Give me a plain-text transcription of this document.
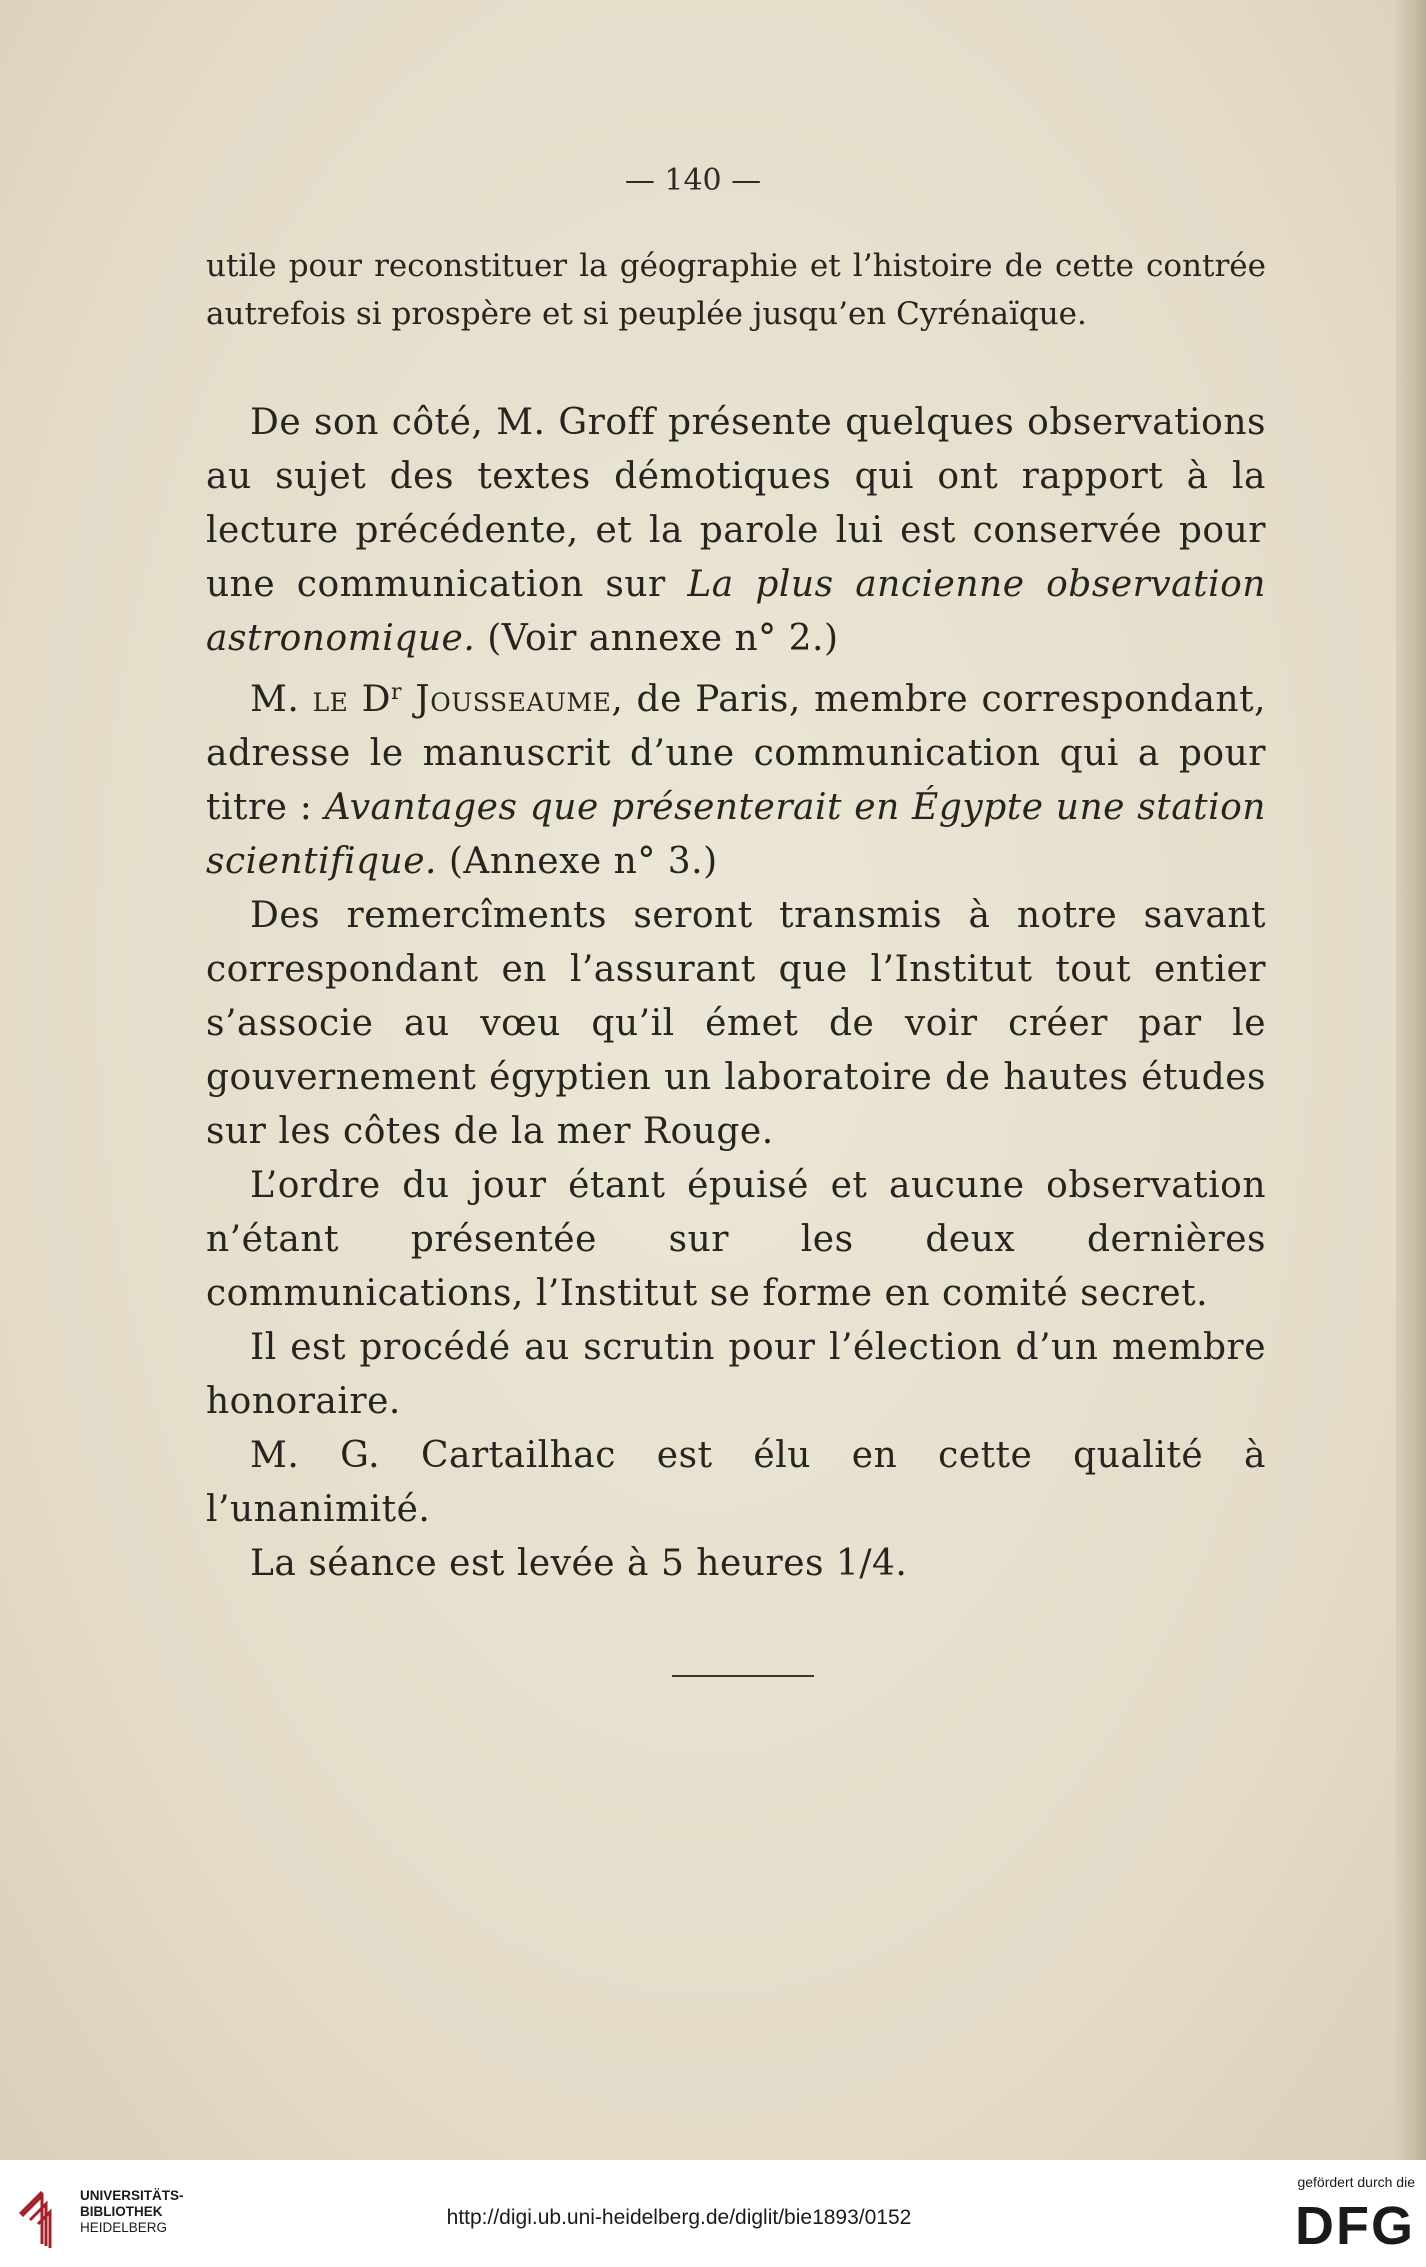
— 140 —
utile pour reconstituer la géographie et l’histoire de cette contrée autrefois si prospère et si peuplée jusqu’en Cyrénaïque.

De son côté, M. Groff présente quelques observations au sujet des textes démotiques qui ont rapport à la lecture précédente, et la parole lui est conservée pour une communication sur La plus ancienne observation astronomique. (Voir annexe n° 2.)

M. le $D^r$ Jousseaume, de Paris, membre correspondant, adresse le manuscrit d’une communication qui a pour titre : Avantages que présenterait en Égypte une station scientifique. (Annexe n° 3.)

Des remercîments seront transmis à notre savant correspondant en l’assurant que l’Institut tout entier s’associe au vœu qu’il émet de voir créer par le gouvernement égyptien un laboratoire de hautes études sur les côtes de la mer Rouge.

L’ordre du jour étant épuisé et aucune observation n’étant présentée sur les deux dernières communications, l’Institut se forme en comité secret.

Il est procédé au scrutin pour l’élection d’un membre honoraire.

M. G. Cartailhac est élu en cette qualité à l’unanimité.

La séance est levée à 5 heures 1/4.

UNIVERSITÄTS-
BIBLIOTHEK
HEIDELBERG	http://digi.ub.uni-heidelberg.de/diglit/bie1893/0152
gefördert durch die
DFG
